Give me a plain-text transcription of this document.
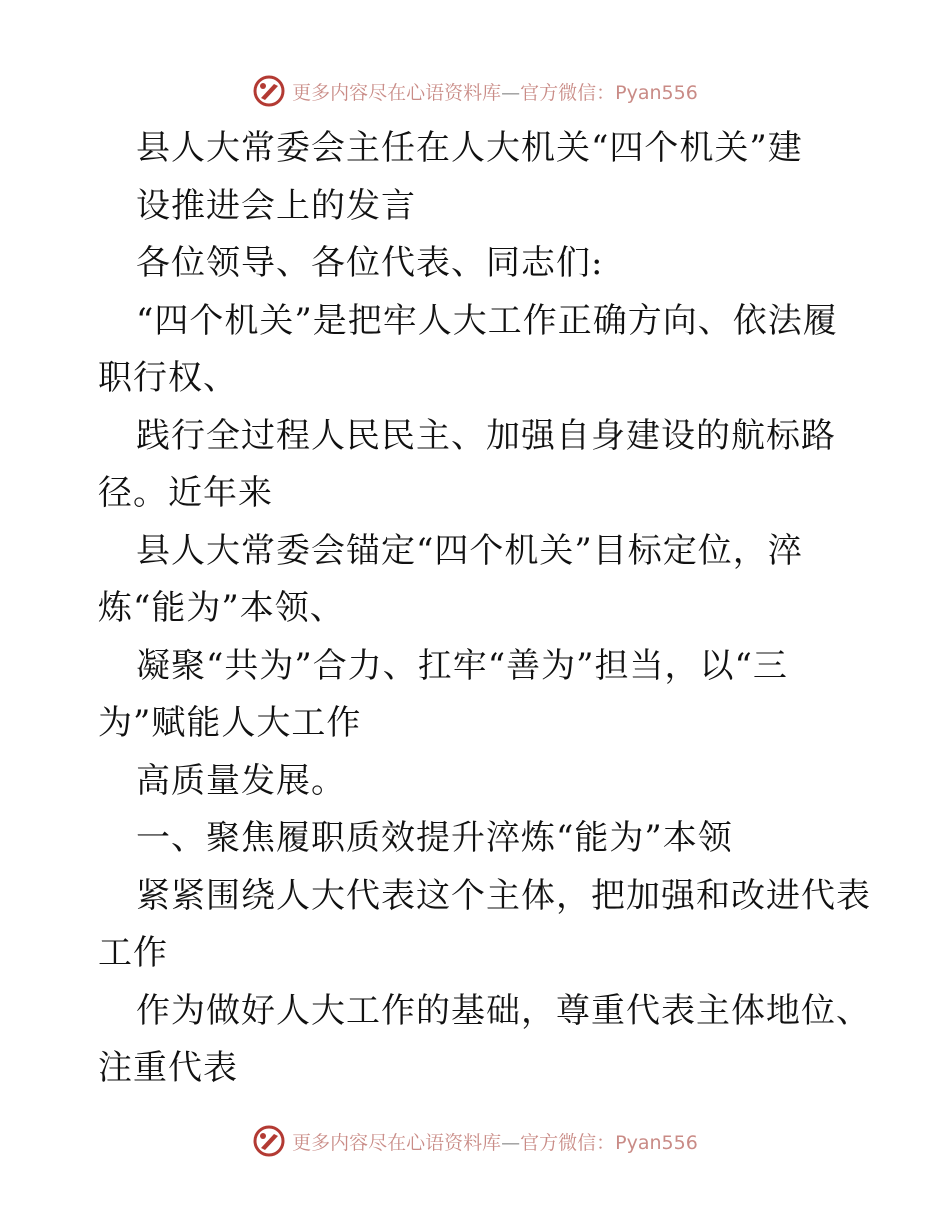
更多内容尽在心语资料库—官方微信：Pyan556
县人大常委会主任在人大机关“四个机关”建
设推进会上的发言
各位领导、各位代表、同志们:
“四个机关”是把牢人大工作正确方向、依法履
职行权、
践行全过程人民民主、加强自身建设的航标路
径。近年来
县人大常委会锚定“四个机关”目标定位，淬
炼“能为”本领、
凝聚“共为”合力、扛牢“善为”担当，以“三
为”赋能人大工作
高质量发展。
一、聚焦履职质效提升淬炼“能为”本领
紧紧围绕人大代表这个主体，把加强和改进代表
工作
作为做好人大工作的基础，尊重代表主体地位、
注重代表
更多内容尽在心语资料库—官方微信：Pyan556
